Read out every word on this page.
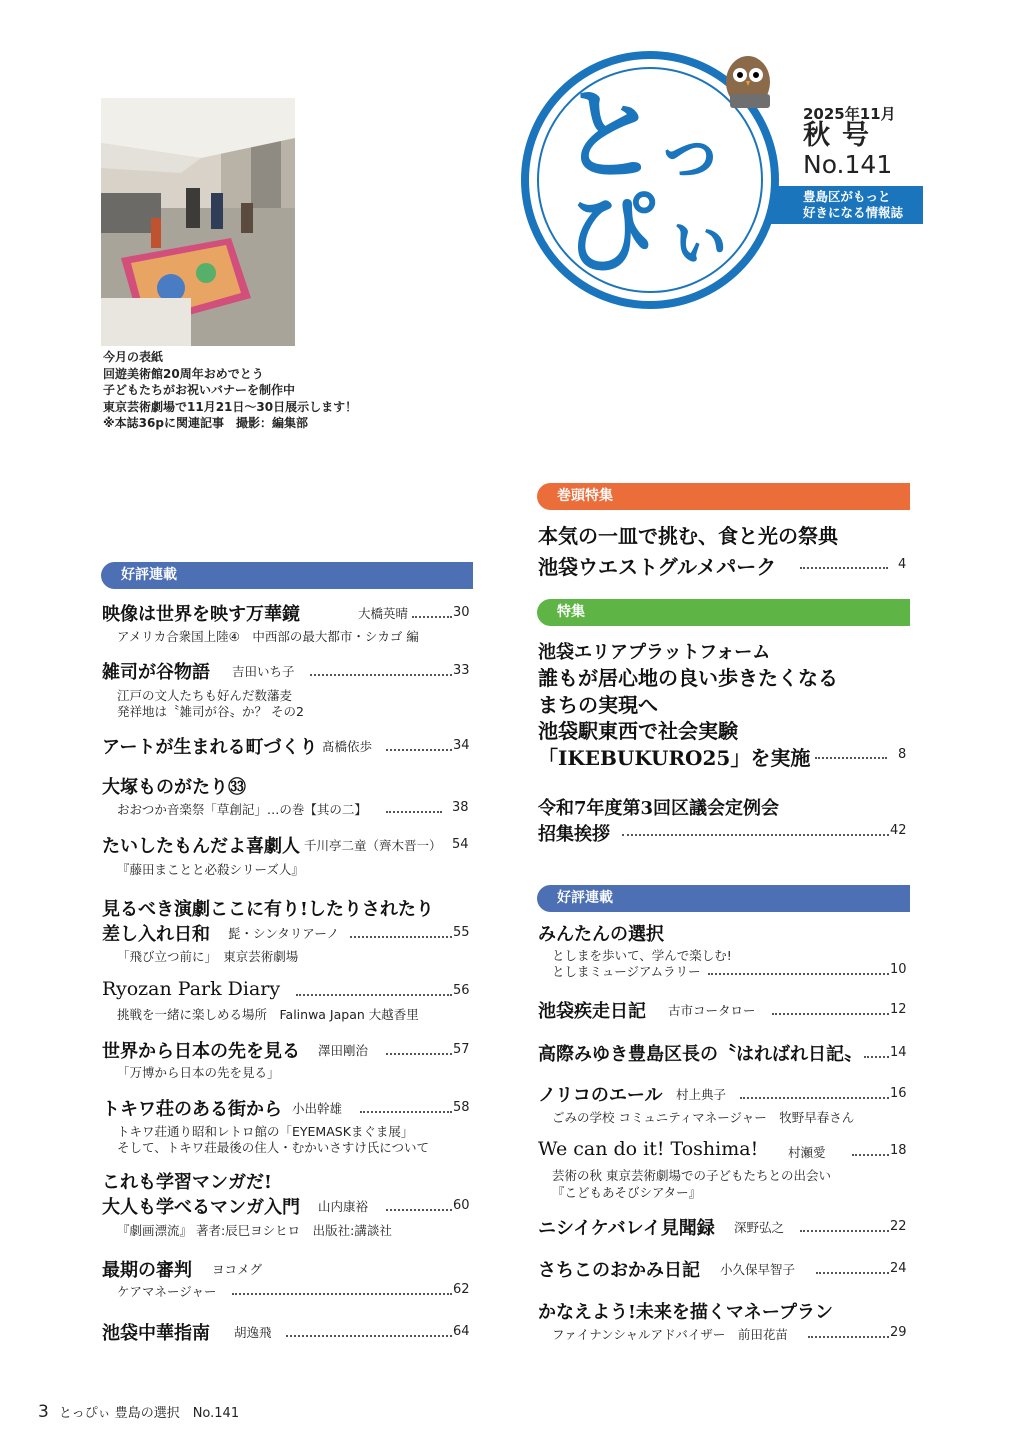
今月の表紙
回遊美術館20周年おめでとう
子どもたちがお祝いバナーを制作中
東京芸術劇場で11月21日～30日展示します！
※本誌36pに関連記事　撮影：編集部
と
っ
ぴ ぃ
2025年11月
秋号
No.141
豊島区がもっと
好きになる情報誌
巻頭特集
本気の一皿で挑む、食と光の祭典
池袋ウエストグルメパーク	4
特集
池袋エリアプラットフォーム
誰もが居心地の良い歩きたくなる
まちの実現へ
池袋駅東西で社会実験
「IKEBUKURO25」を実施	8
令和7年度第3回区議会定例会
招集挨拶	42
好評連載
みんたんの選択
としまを歩いて、学んで楽しむ!
としまミュージアムラリー	10
池袋疾走日記 古市コータロー	12
高際みゆき豊島区長の〝はればれ日記〟 14
ノリコのエール 村上典子	16
ごみの学校 コミュニティマネージャー　牧野早春さん
We can do it! Toshima! 村瀬愛	18
芸術の秋 東京芸術劇場での子どもたちとの出会い
『こどもあそびシアター』
ニシイケバレイ見聞録 深野弘之	22
さちこのおかみ日記 小久保早智子	24
かなえよう!未来を描くマネープラン
ファイナンシャルアドバイザー　前田花苗	29
好評連載
映像は世界を映す万華鏡	大橋英晴	30
アメリカ合衆国上陸④　中西部の最大都市・シカゴ 編
雑司が谷物語 吉田いち子	33
江戸の文人たちも好んだ数藩麦
発祥地は〝雑司が谷〟か？ その2
アートが生まれる町づくり 髙橋依歩	34
大塚ものがたり㉝
おおつか音楽祭「草創記」…の巻【其の二】	38
たいしたもんだよ喜劇人 千川亭二童（齊木晋一） 54
『藤田まことと必殺シリーズ人』
見るべき演劇ここに有り!したりされたり
差し入れ日和 髭・シンタリアーノ	55
「飛び立つ前に」　東京芸術劇場
Ryozan Park Diary	56
挑戦を一緒に楽しめる場所　Falinwa Japan 大越香里
世界から日本の先を見る 澤田剛治	57
「万博から日本の先を見る」
トキワ荘のある街から 小出幹雄	58
トキワ荘通り昭和レトロ館の「EYEMASKまぐま展」
そして、トキワ荘最後の住人・むかいさすけ氏について
これも学習マンガだ!
大人も学べるマンガ入門 山内康裕	60
『劇画漂流』 著者:辰巳ヨシヒロ　出版社:講談社
最期の審判 ヨコメグ
ケアマネージャー	62
池袋中華指南 胡逸飛	64
3 とっぴぃ 豊島の選択　No.141
